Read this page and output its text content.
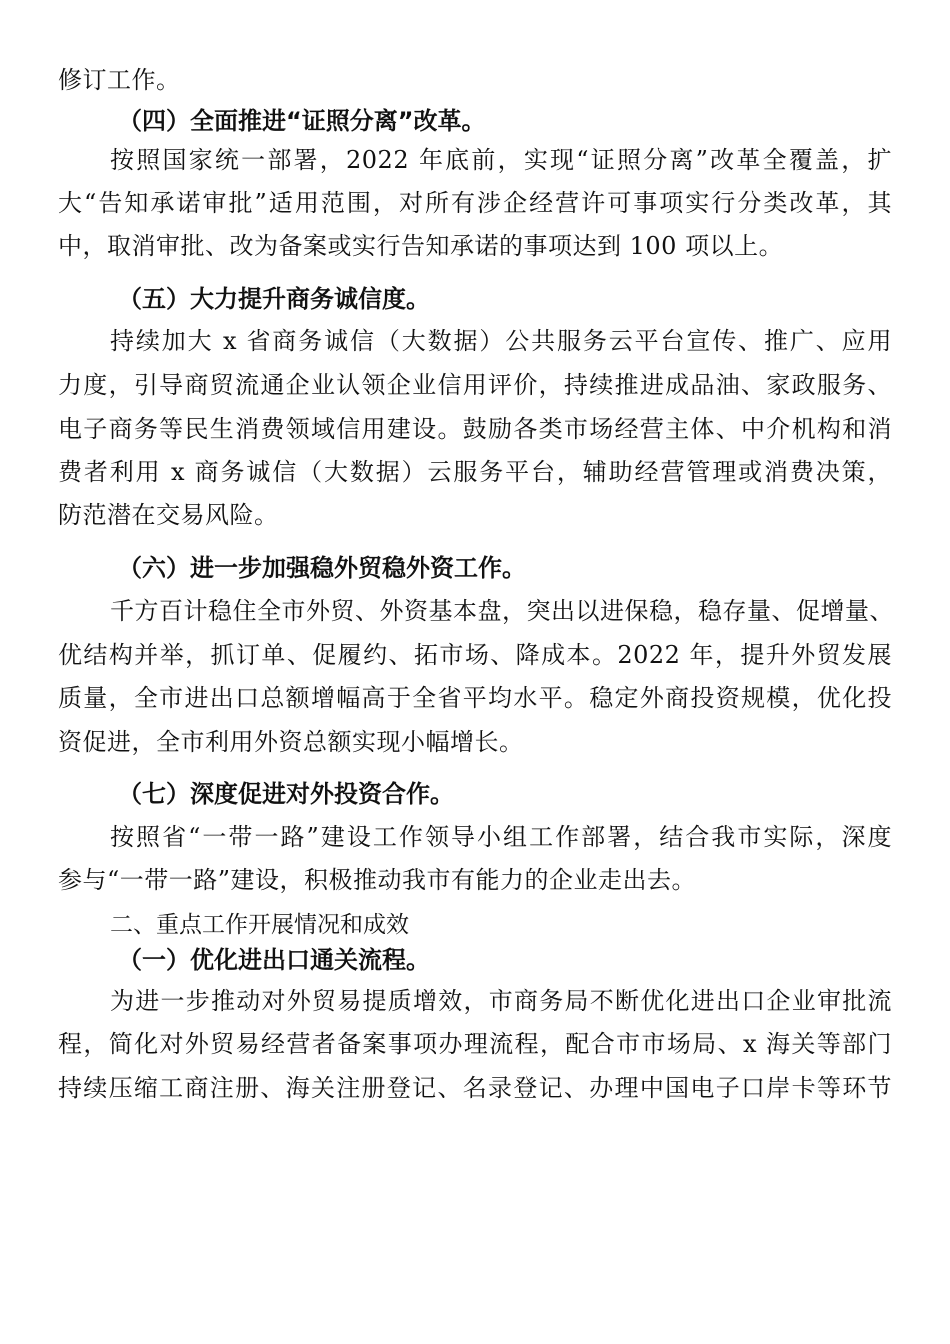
修订工作。
（四）全面推进“证照分离”改革。
按照国家统一部署，2022 年底前，实现“证照分离”改革全覆盖，扩
大“告知承诺审批”适用范围，对所有涉企经营许可事项实行分类改革，其
中，取消审批、改为备案或实行告知承诺的事项达到 100 项以上。
（五）大力提升商务诚信度。
持续加大 x 省商务诚信（大数据）公共服务云平台宣传、推广、应用
力度，引导商贸流通企业认领企业信用评价，持续推进成品油、家政服务、
电子商务等民生消费领域信用建设。鼓励各类市场经营主体、中介机构和消
费者利用 x 商务诚信（大数据）云服务平台，辅助经营管理或消费决策，
防范潜在交易风险。
（六）进一步加强稳外贸稳外资工作。
千方百计稳住全市外贸、外资基本盘，突出以进保稳，稳存量、促增量、
优结构并举，抓订单、促履约、拓市场、降成本。2022 年，提升外贸发展
质量，全市进出口总额增幅高于全省平均水平。稳定外商投资规模，优化投
资促进，全市利用外资总额实现小幅增长。
（七）深度促进对外投资合作。
按照省“一带一路”建设工作领导小组工作部署，结合我市实际，深度
参与“一带一路”建设，积极推动我市有能力的企业走出去。
二、重点工作开展情况和成效
（一）优化进出口通关流程。
为进一步推动对外贸易提质增效，市商务局不断优化进出口企业审批流
程，简化对外贸易经营者备案事项办理流程，配合市市场局、x 海关等部门
持续压缩工商注册、海关注册登记、名录登记、办理中国电子口岸卡等环节
